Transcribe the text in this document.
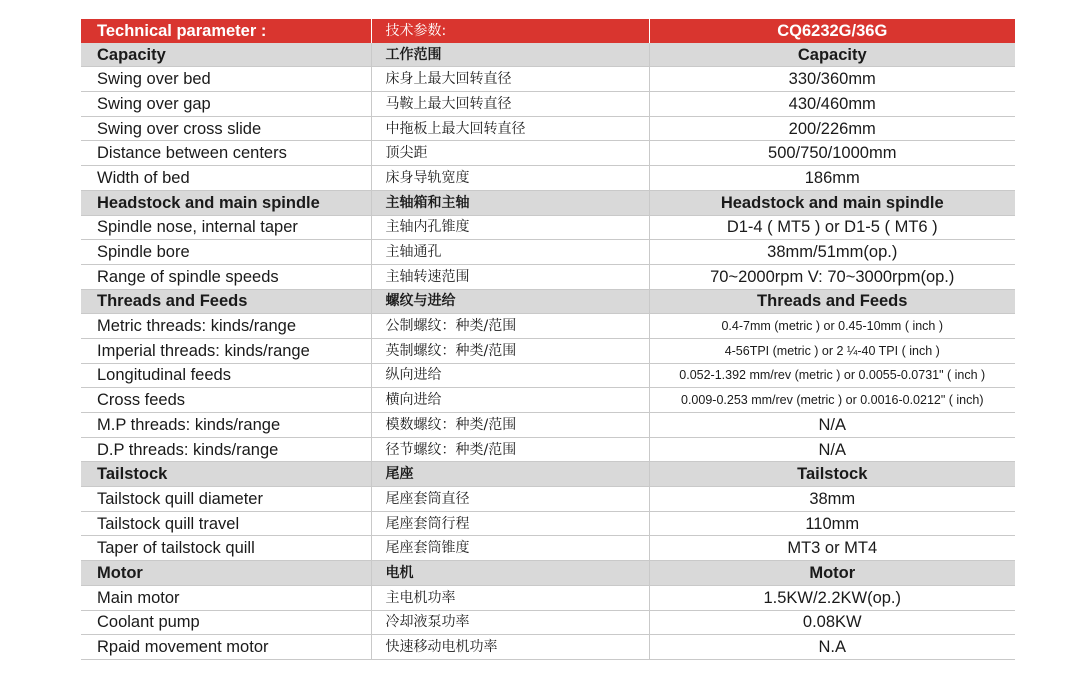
Technical parameter :	技术参数:	CQ6232G/36G
Capacity	工作范围	Capacity
Swing over bed	床身上最大回转直径	330/360mm
Swing over gap	马鞍上最大回转直径	430/460mm
Swing over cross slide	中拖板上最大回转直径	200/226mm
Distance between centers	顶尖距	500/750/1000mm
Width of bed	床身导轨宽度	186mm
Headstock and main spindle	主轴箱和主轴	Headstock and main spindle
Spindle nose, internal taper	主轴内孔锥度	D1-4 ( MT5 ) or D1-5 ( MT6 )
Spindle bore	主轴通孔	38mm/51mm(op.)
Range of spindle speeds	主轴转速范围	70~2000rpm V: 70~3000rpm(op.)
Threads and Feeds	螺纹与进给	Threads and Feeds
Metric threads: kinds/range	公制螺纹：种类/范围	0.4-7mm (metric ) or 0.45-10mm ( inch )
Imperial threads: kinds/range	英制螺纹：种类/范围	4-56TPI (metric ) or 2 ¼-40 TPI ( inch )
Longitudinal feeds	纵向进给	0.052-1.392 mm/rev (metric ) or 0.0055-0.0731" ( inch )
Cross feeds	横向进给	0.009-0.253 mm/rev (metric ) or 0.0016-0.0212" ( inch)
M.P threads: kinds/range	模数螺纹：种类/范围	N/A
D.P threads: kinds/range	径节螺纹：种类/范围	N/A
Tailstock	尾座	Tailstock
Tailstock quill diameter	尾座套筒直径	38mm
Tailstock quill travel	尾座套筒行程	110mm
Taper of tailstock quill	尾座套筒锥度	MT3 or MT4
Motor	电机	Motor
Main motor	主电机功率	1.5KW/2.2KW(op.)
Coolant pump	冷却液泵功率	0.08KW
Rpaid movement motor	快速移动电机功率	N.A
